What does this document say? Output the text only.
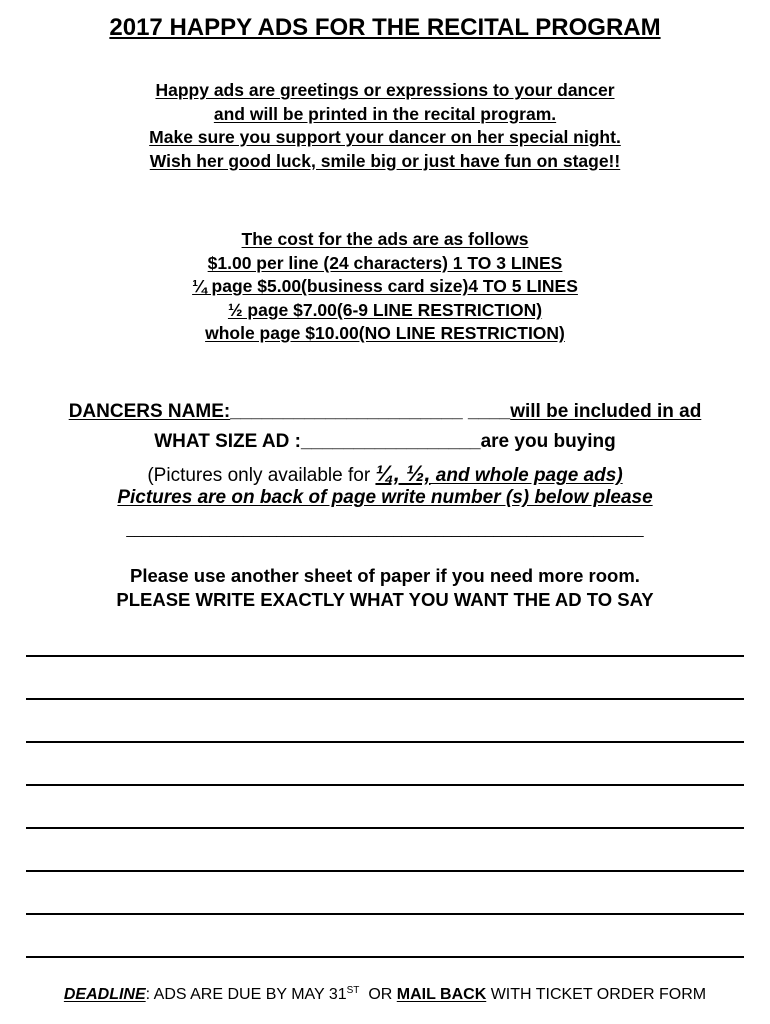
2017 HAPPY ADS FOR THE RECITAL PROGRAM
Happy ads are greetings or expressions to your dancer
and will be printed in the recital program.
Make sure you support your dancer on her special night.
Wish her good luck, smile big or just have fun on stage!!
The cost for the ads are as follows
$1.00 per line (24 characters) 1 TO 3 LINES
¼ page $5.00(business card size)4 TO 5 LINES
½ page $7.00(6-9 LINE RESTRICTION)
whole page $10.00(NO LINE RESTRICTION)
DANCERS NAME:______________________ ____will be included in ad
WHAT SIZE AD :_________________are you buying
(Pictures only available for ¼, ½, and whole page ads)
Pictures are on back of page write number (s) below please
______________________________________________________________
Please use another sheet of paper if you need more room.
PLEASE WRITE EXACTLY WHAT YOU WANT THE AD TO SAY
DEADLINE: ADS ARE DUE BY MAY 31ST  OR MAIL BACK WITH TICKET ORDER FORM
